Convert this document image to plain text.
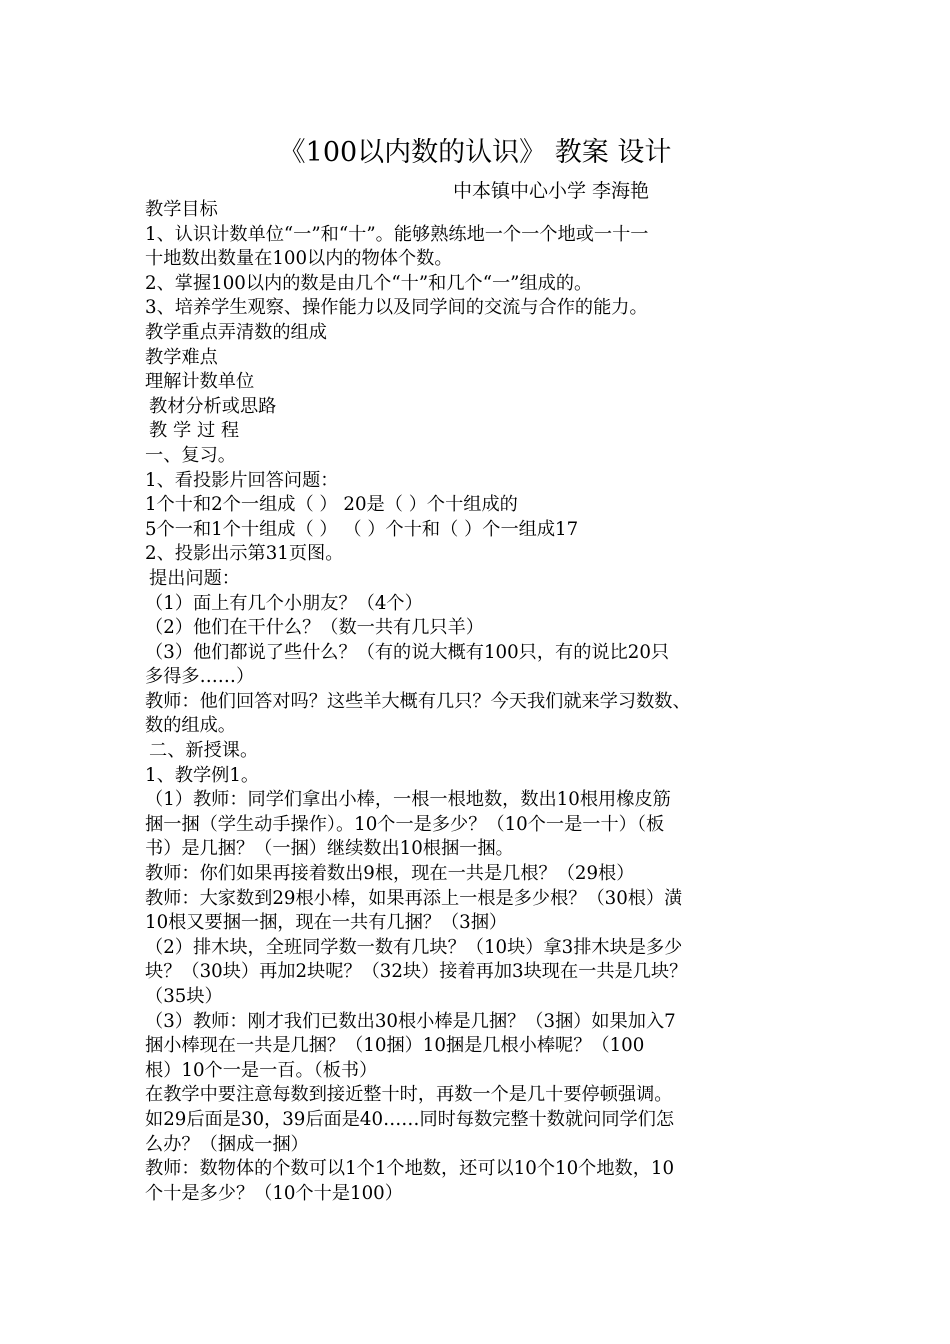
《100以内数的认识》 教案 设计
中本镇中心小学 李海艳
教学目标
1、认识计数单位“一”和“十”。能够熟练地一个一个地或一十一
十地数出数量在100以内的物体个数。
2、掌握100以内的数是由几个“十”和几个“一”组成的。
3、培养学生观察、操作能力以及同学间的交流与合作的能力。
教学重点弄清数的组成
教学难点
理解计数单位
教材分析或思路
教 学 过 程
一、复习。
1、看投影片回答问题：
1个十和2个一组成（ ） 20是（ ）个十组成的
5个一和1个十组成（ ） （ ）个十和（ ）个一组成17
2、投影出示第31页图。
提出问题：
（1）面上有几个小朋友？（4个）
（2）他们在干什么？（数一共有几只羊）
（3）他们都说了些什么？（有的说大概有100只，有的说比20只
多得多……）
教师：他们回答对吗？这些羊大概有几只？今天我们就来学习数数、
数的组成。
二、新授课。
1、教学例1。
（1）教师：同学们拿出小棒，一根一根地数，数出10根用橡皮筋
捆一捆（学生动手操作）。10个一是多少？（10个一是一十）（板
书）是几捆？（一捆）继续数出10根捆一捆。
教师：你们如果再接着数出9根，现在一共是几根？（29根）
教师：大家数到29根小棒，如果再添上一根是多少根？（30根）潢
10根又要捆一捆，现在一共有几捆？（3捆）
（2）排木块，全班同学数一数有几块？（10块）拿3排木块是多少
块？（30块）再加2块呢？（32块）接着再加3块现在一共是几块？
（35块）
（3）教师：刚才我们已数出30根小棒是几捆？（3捆）如果加入7
捆小棒现在一共是几捆？（10捆）10捆是几根小棒呢？（100
根）10个一是一百。（板书）
在教学中要注意每数到接近整十时，再数一个是几十要停顿强调。
如29后面是30，39后面是40……同时每数完整十数就问同学们怎
么办？（捆成一捆）
教师：数物体的个数可以1个1个地数，还可以10个10个地数，10
个十是多少？（10个十是100）
